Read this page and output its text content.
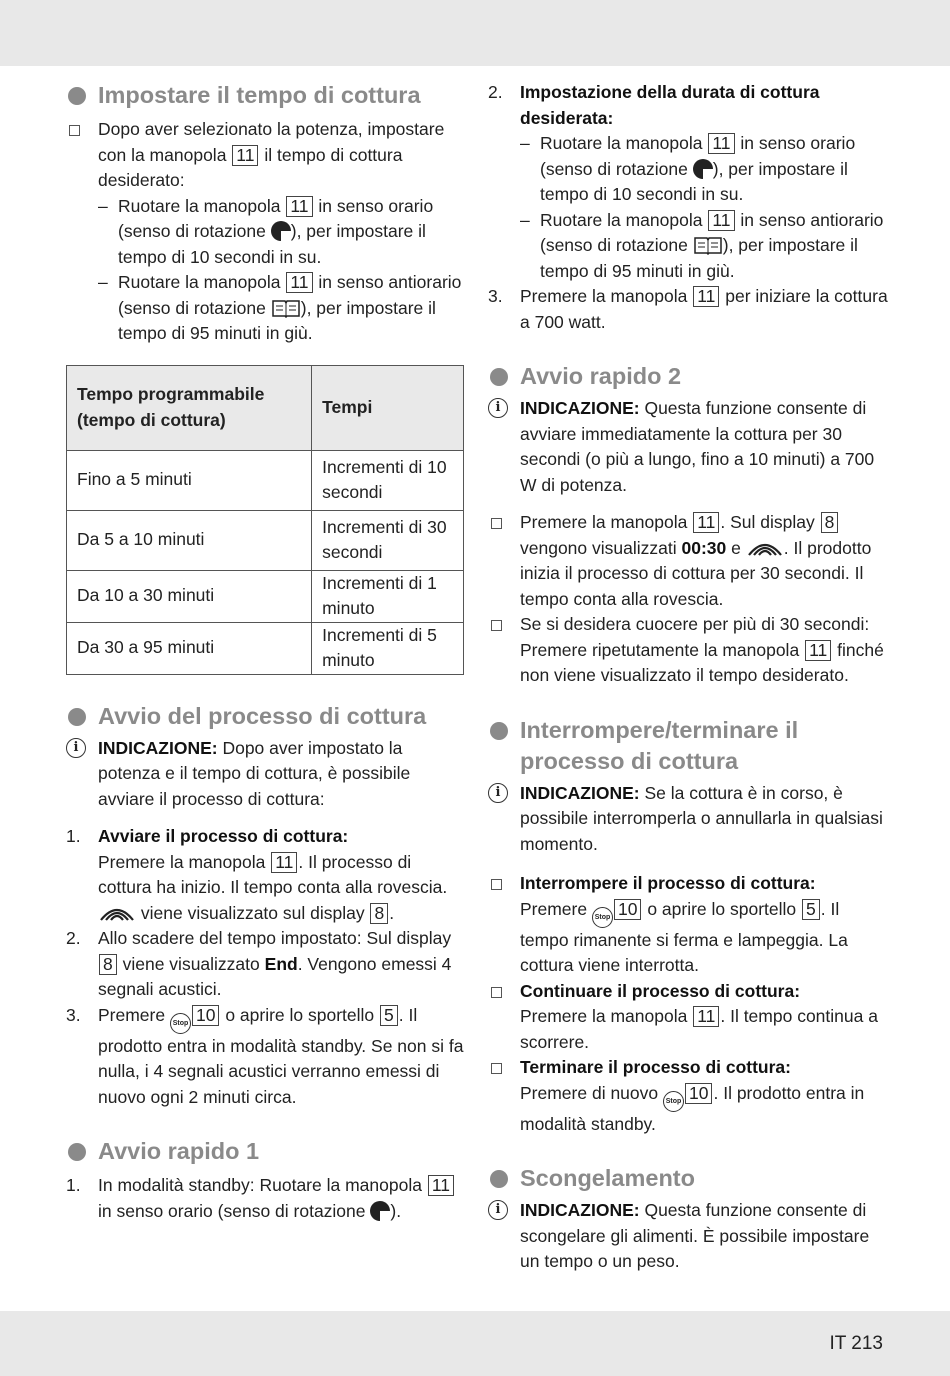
Impostare il tempo di cottura
Dopo aver selezionato la potenza, impostare con la manopola 11 il tempo di cottura desiderato:
– Ruotare la manopola 11 in senso orario (senso di rotazione ), per impostare il tempo di 10 secondi in su.
– Ruotare la manopola 11 in senso antiorario (senso di rotazione ), per impostare il tempo di 95 minuti in giù.
Tempo programmabile (tempo di cottura)	Tempi
Fino a 5 minuti	Incrementi di 10 secondi
Da 5 a 10 minuti	Incrementi di 30 secondi
Da 10 a 30 minuti	Incrementi di 1 minuto
Da 30 a 95 minuti	Incrementi di 5 minuto
Avvio del processo di cottura
i	INDICAZIONE: Dopo aver impostato la potenza e il tempo di cottura, è possibile avviare il processo di cottura:
1. Avviare il processo di cottura:
Premere la manopola 11 . Il processo di cottura ha inizio. Il tempo conta alla rovescia.
viene visualizzato sul display 8 .
2. Allo scadere del tempo impostato: Sul display 8 viene visualizzato End. Vengono emessi 4 segnali acustici.
3. Premere Stop 10 o aprire lo sportello 5 . Il prodotto entra in modalità standby. Se non si fa nulla, i 4 segnali acustici verranno emessi di nuovo ogni 2 minuti circa.
Avvio rapido 1
1. In modalità standby: Ruotare la manopola 11 in senso orario (senso di rotazione ).
2. Impostazione della durata di cottura desiderata:
– Ruotare la manopola 11 in senso orario (senso di rotazione ), per impostare il tempo di 10 secondi in su.
– Ruotare la manopola 11 in senso antiorario (senso di rotazione ), per impostare il tempo di 95 minuti in giù.
3. Premere la manopola 11 per iniziare la cottura a 700 watt.
Avvio rapido 2
i	INDICAZIONE: Questa funzione consente di avviare immediatamente la cottura per 30 secondi (o più a lungo, fino a 10 minuti) a 700 W di potenza.
Premere la manopola 11 . Sul display 8 vengono visualizzati 00:30 e . Il prodotto inizia il processo di cottura per 30 secondi. Il tempo conta alla rovescia.
Se si desidera cuocere per più di 30 secondi: Premere ripetutamente la manopola 11 finché non viene visualizzato il tempo desiderato.
Interrompere/terminare il processo di cottura
i	INDICAZIONE: Se la cottura è in corso, è possibile interromperla o annullarla in qualsiasi momento.
Interrompere il processo di cottura:
Premere Stop 10 o aprire lo sportello 5 . Il tempo rimanente si ferma e lampeggia. La cottura viene interrotta.
Continuare il processo di cottura:
Premere la manopola 11 . Il tempo continua a scorrere.
Terminare il processo di cottura:
Premere di nuovo Stop 10 . Il prodotto entra in modalità standby.
Scongelamento
i	INDICAZIONE: Questa funzione consente di scongelare gli alimenti. È possibile impostare un tempo o un peso.
IT 213
